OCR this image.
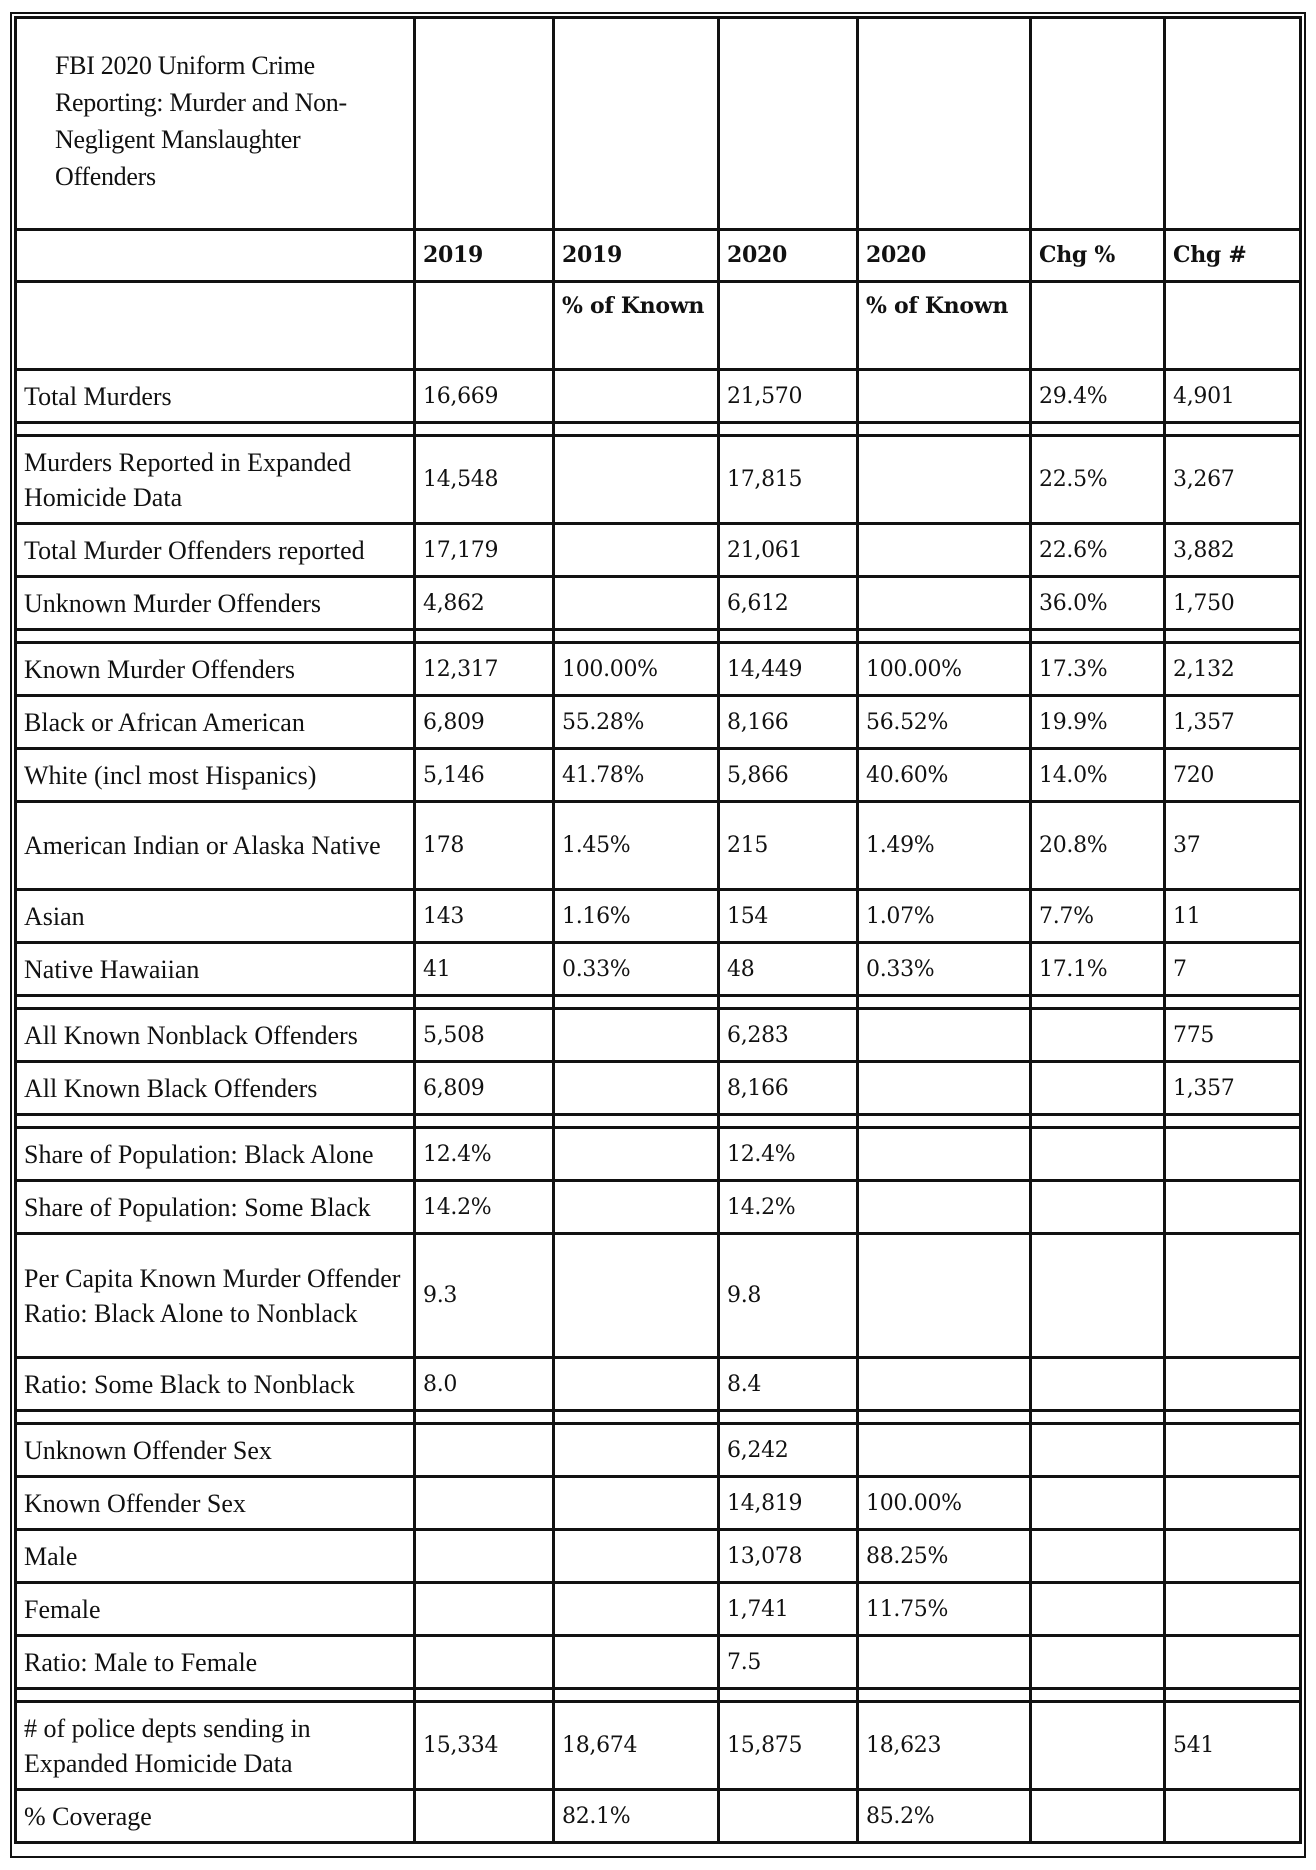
FBI 2020 Uniform Crime Reporting: Murder and Non-Negligent Manslaughter Offenders						
	2019	2019	2020	2020	Chg %	Chg #
		% of Known		% of Known		
Total Murders	16,669		21,570		29.4%	4,901

Murders Reported in Expanded Homicide Data	14,548		17,815		22.5%	3,267
Total Murder Offenders reported	17,179		21,061		22.6%	3,882
Unknown Murder Offenders	4,862		6,612		36.0%	1,750

Known Murder Offenders	12,317	100.00%	14,449	100.00%	17.3%	2,132
Black or African American	6,809	55.28%	8,166	56.52%	19.9%	1,357
White (incl most Hispanics)	5,146	41.78%	5,866	40.60%	14.0%	720
American Indian or Alaska Native	178	1.45%	215	1.49%	20.8%	37
Asian	143	1.16%	154	1.07%	7.7%	11
Native Hawaiian	41	0.33%	48	0.33%	17.1%	7

All Known Nonblack Offenders	5,508		6,283			775
All Known Black Offenders	6,809		8,166			1,357

Share of Population: Black Alone	12.4%		12.4%			
Share of Population: Some Black	14.2%		14.2%			
Per Capita Known Murder Offender Ratio: Black Alone to Nonblack	9.3		9.8			
Ratio: Some Black to Nonblack	8.0		8.4			

Unknown Offender Sex			6,242			
Known Offender Sex			14,819	100.00%		
Male			13,078	88.25%		
Female			1,741	11.75%		
Ratio: Male to Female			7.5			

# of police depts sending in Expanded Homicide Data	15,334	18,674	15,875	18,623		541
% Coverage		82.1%		85.2%		
